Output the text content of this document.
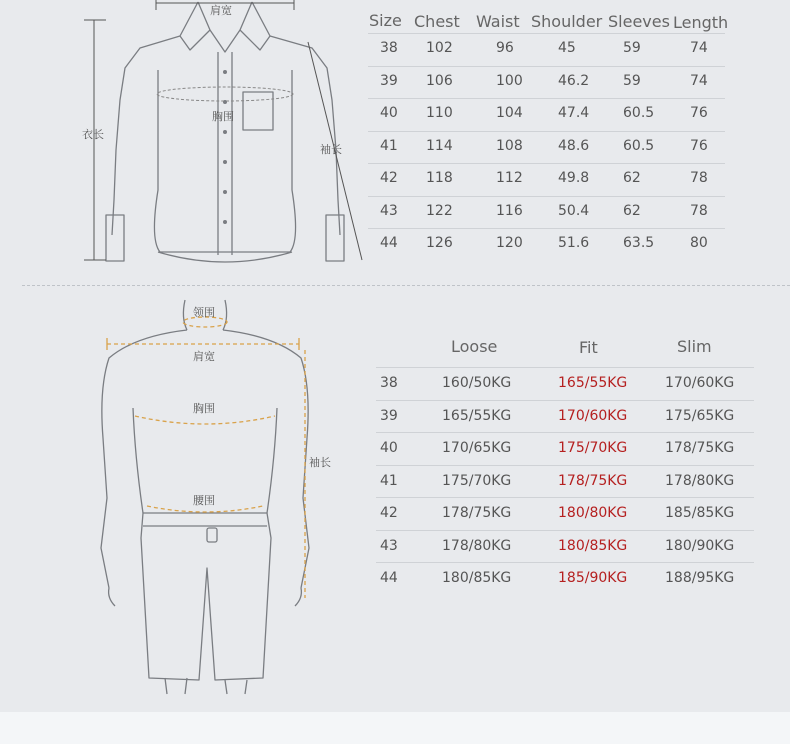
肩宽
胸围
衣长
袖长
Size Chest Waist Shoulder Sleeves Length
38 102	96	45	59	74
39 106	100	46.2 59	74
40 110	104	47.4 60.5	76
41 114	108	48.6 60.5	76
42 118	112	49.8 62	78
43 122	116	50.4 62	78
44 126	120	51.6 63.5	80
领围
肩宽
胸围
腰围
袖长
Loose	Fit	Slim
38	160/50KG	165/55KG	170/60KG
39	165/55KG	170/60KG	175/65KG
40	170/65KG	175/70KG	178/75KG
41	175/70KG	178/75KG	178/80KG
42	178/75KG	180/80KG	185/85KG
43	178/80KG	180/85KG	180/90KG
44	180/85KG	185/90KG	188/95KG
